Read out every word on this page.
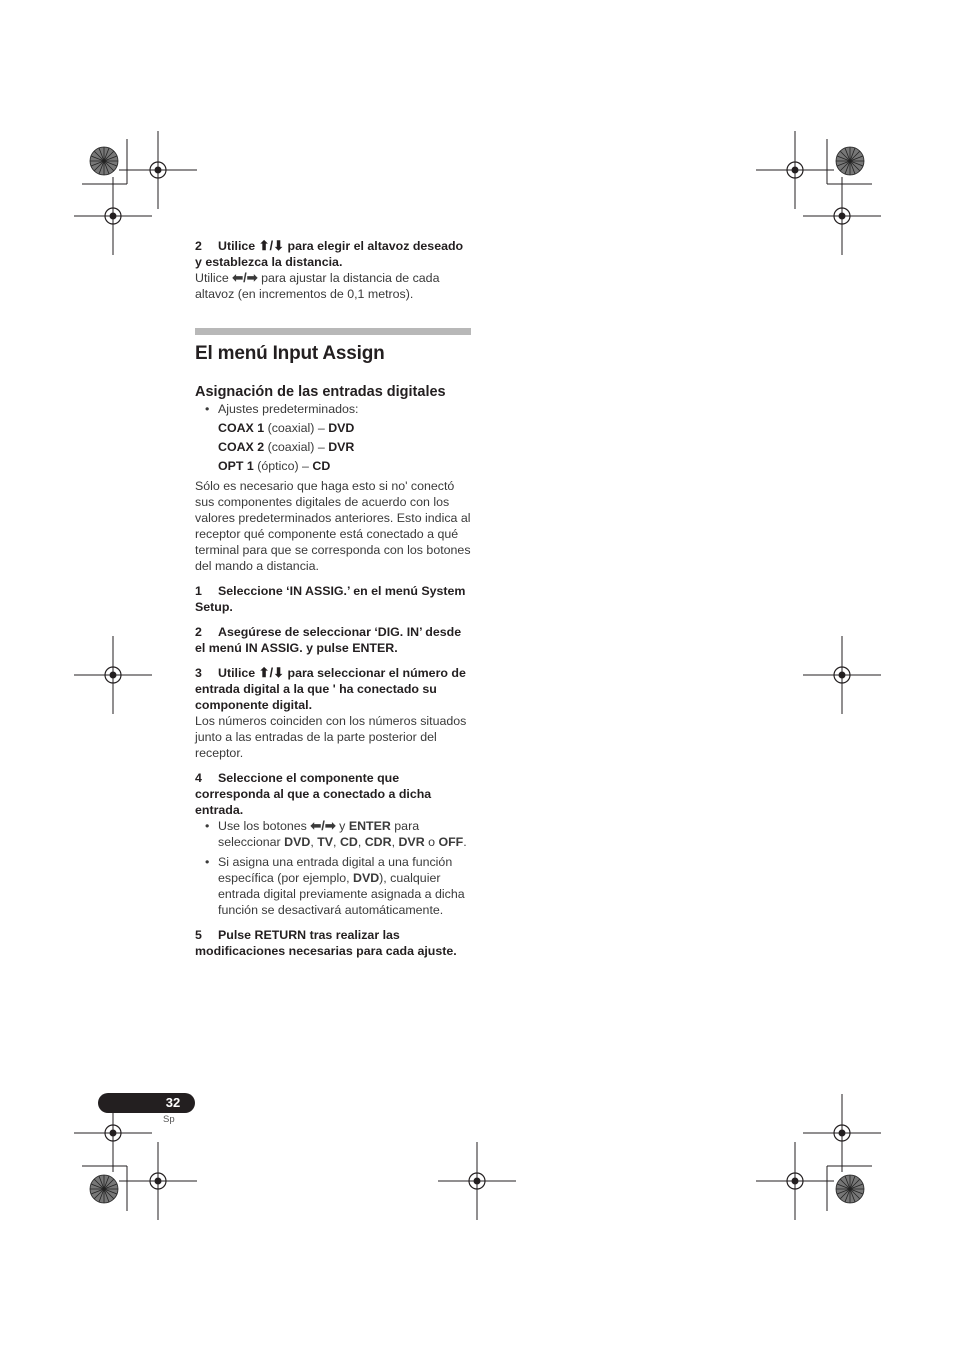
2 Utilice ⬆/⬇ para elegir el altavoz deseado y establezca la distancia.

Utilice ⬅/➡ para ajustar la distancia de cada altavoz (en incrementos de 0,1 metros).

El menú Input Assign
Asignación de las entradas digitales
• Ajustes predeterminados:

COAX 1 (coaxial) – DVD

COAX 2 (coaxial) – DVR

OPT 1 (óptico) – CD

Sólo es necesario que haga esto si no' conectó sus componentes digitales de acuerdo con los valores predeterminados anteriores. Esto indica al receptor qué componente está conectado a qué terminal para que se corresponda con los botones del mando a distancia.

1 Seleccione ‘IN ASSIG.’ en el menú System Setup.

2 Asegúrese de seleccionar ‘DIG. IN’ desde el menú IN ASSIG. y pulse ENTER.

3 Utilice ⬆/⬇ para seleccionar el número de entrada digital a la que ' ha conectado su componente digital.

Los números coinciden con los números situados junto a las entradas de la parte posterior del receptor.

4 Seleccione el componente que corresponda al que a conectado a dicha entrada.

• Use los botones ⬅/➡ y ENTER para seleccionar DVD, TV, CD, CDR, DVR o OFF.
• Si asigna una entrada digital a una función específica (por ejemplo, DVD), cualquier entrada digital previamente asignada a dicha función se desactivará automáticamente.

5 Pulse RETURN tras realizar las modificaciones necesarias para cada ajuste.

32
Sp
